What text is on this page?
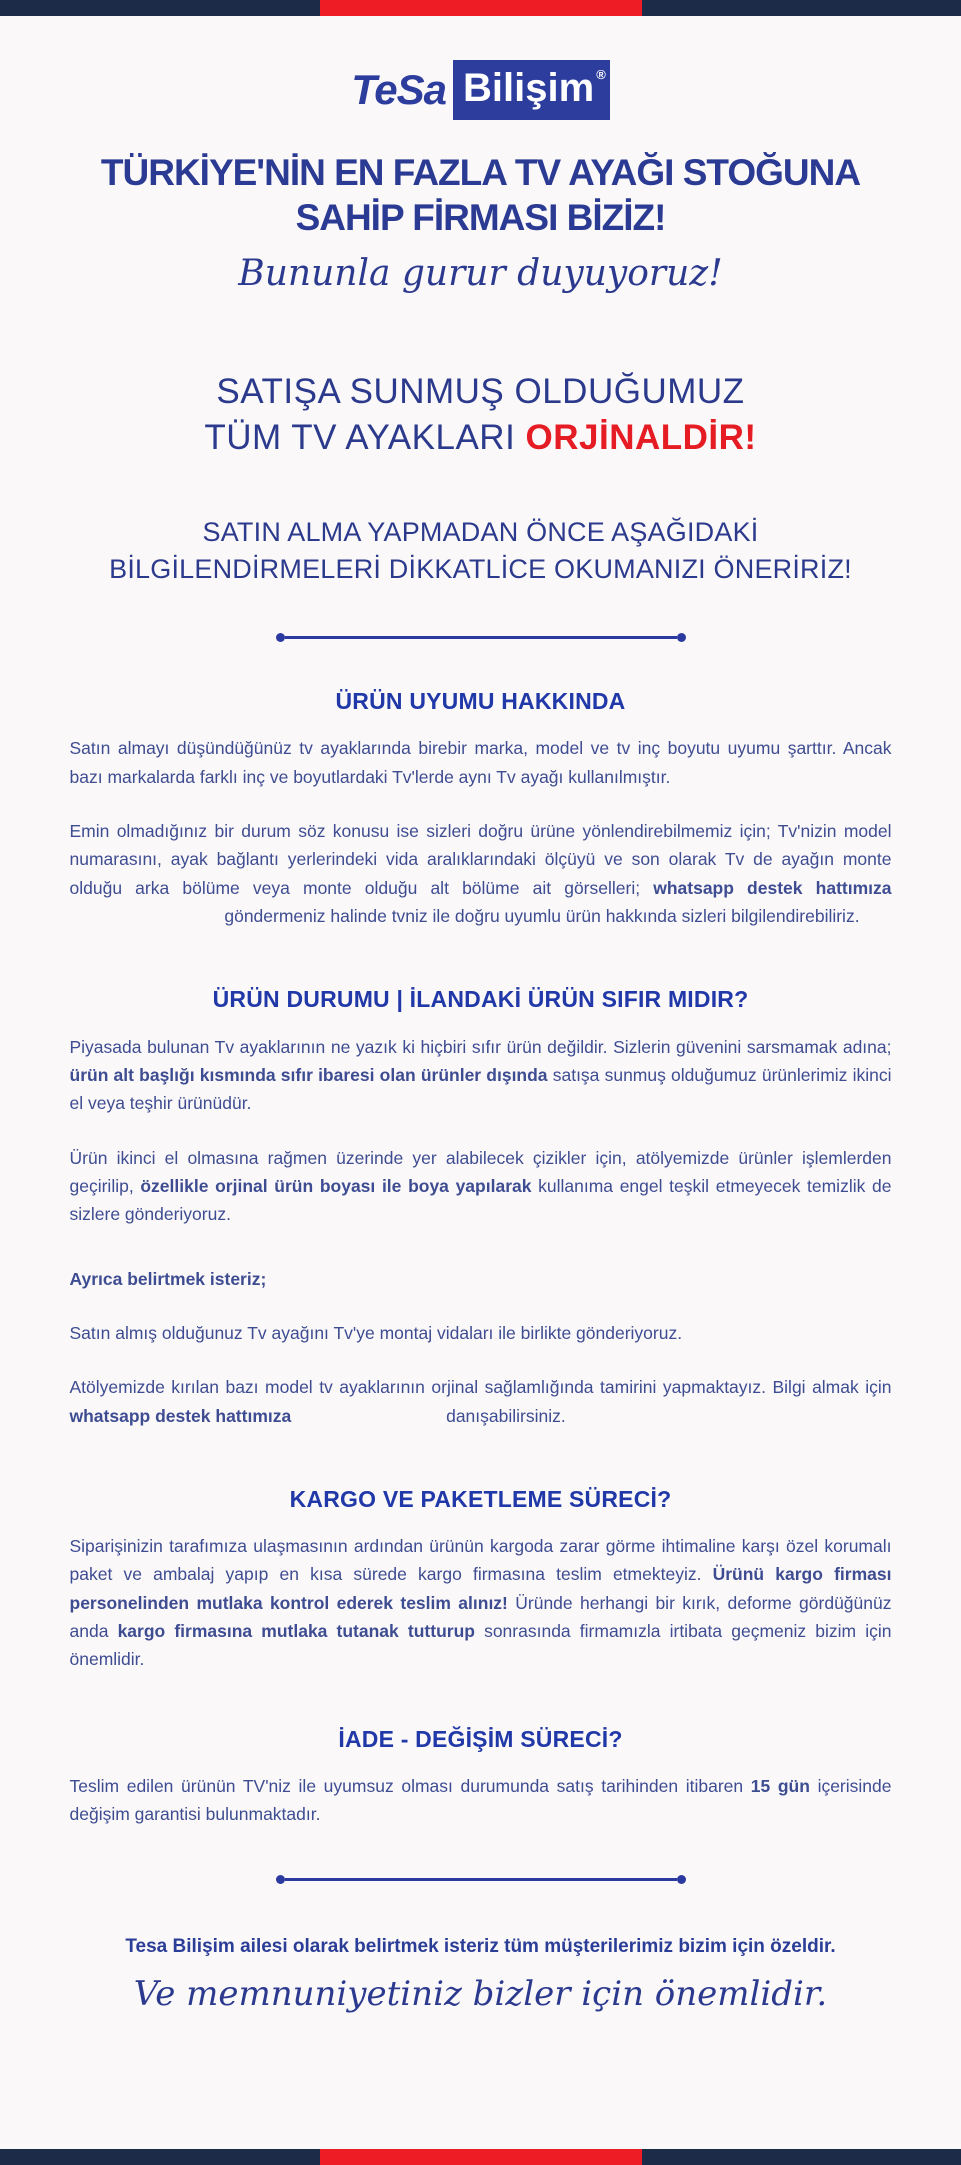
TeSa Bilişim ®
TÜRKİYE'NİN EN FAZLA TV AYAĞI STOĞUNA
SAHİP FİRMASI BİZİZ!
Bununla gurur duyuyoruz!
SATIŞA SUNMUŞ OLDUĞUMUZ
TÜM TV AYAKLARI ORJİNALDİR!
SATIN ALMA YAPMADAN ÖNCE AŞAĞIDAKİ
BİLGİLENDİRMELERİ DİKKATLİCE OKUMANIZI ÖNERİRİZ!
ÜRÜN UYUMU HAKKINDA

Satın almayı düşündüğünüz tv ayaklarında birebir marka, model ve tv inç boyutu uyumu şarttır. Ancak bazı markalarda farklı inç ve boyutlardaki Tv'lerde aynı Tv ayağı kullanılmıştır.

Emin olmadığınız bir durum söz konusu ise sizleri doğru ürüne yönlendirebilmemiz için; Tv'nizin model numarasını, ayak bağlantı yerlerindeki vida aralıklarındaki ölçüyü ve son olarak Tv de ayağın monte olduğu arka bölüme veya monte olduğu alt bölüme ait görselleri; whatsapp destek hattımıza göndermeniz halinde tvniz ile doğru uyumlu ürün hakkında sizleri bilgilendirebiliriz.

ÜRÜN DURUMU | İLANDAKİ ÜRÜN SIFIR MIDIR?

Piyasada bulunan Tv ayaklarının ne yazık ki hiçbiri sıfır ürün değildir. Sizlerin güvenini sarsmamak adına; ürün alt başlığı kısmında sıfır ibaresi olan ürünler dışında satışa sunmuş olduğumuz ürünlerimiz ikinci el veya teşhir ürünüdür.

Ürün ikinci el olmasına rağmen üzerinde yer alabilecek çizikler için, atölyemizde ürünler işlemlerden geçirilip, özellikle orjinal ürün boyası ile boya yapılarak kullanıma engel teşkil etmeyecek temizlik de sizlere gönderiyoruz.

Ayrıca belirtmek isteriz;

Satın almış olduğunuz Tv ayağını Tv'ye montaj vidaları ile birlikte gönderiyoruz.

Atölyemizde kırılan bazı model tv ayaklarının orjinal sağlamlığında tamirini yapmaktayız. Bilgi almak için whatsapp destek hattımıza	danışabilirsiniz.

KARGO VE PAKETLEME SÜRECİ?

Siparişinizin tarafımıza ulaşmasının ardından ürünün kargoda zarar görme ihtimaline karşı özel korumalı paket ve ambalaj yapıp en kısa sürede kargo firmasına teslim etmekteyiz. Ürünü kargo firması personelinden mutlaka kontrol ederek teslim alınız! Üründe herhangi bir kırık, deforme gördüğünüz anda kargo firmasına mutlaka tutanak tutturup sonrasında firmamızla irtibata geçmeniz bizim için önemlidir.

İADE - DEĞİŞİM SÜRECİ?

Teslim edilen ürünün TV'niz ile uyumsuz olması durumunda satış tarihinden itibaren 15 gün içerisinde değişim garantisi bulunmaktadır.

Tesa Bilişim ailesi olarak belirtmek isteriz tüm müşterilerimiz bizim için özeldir.
Ve memnuniyetiniz bizler için önemlidir.
